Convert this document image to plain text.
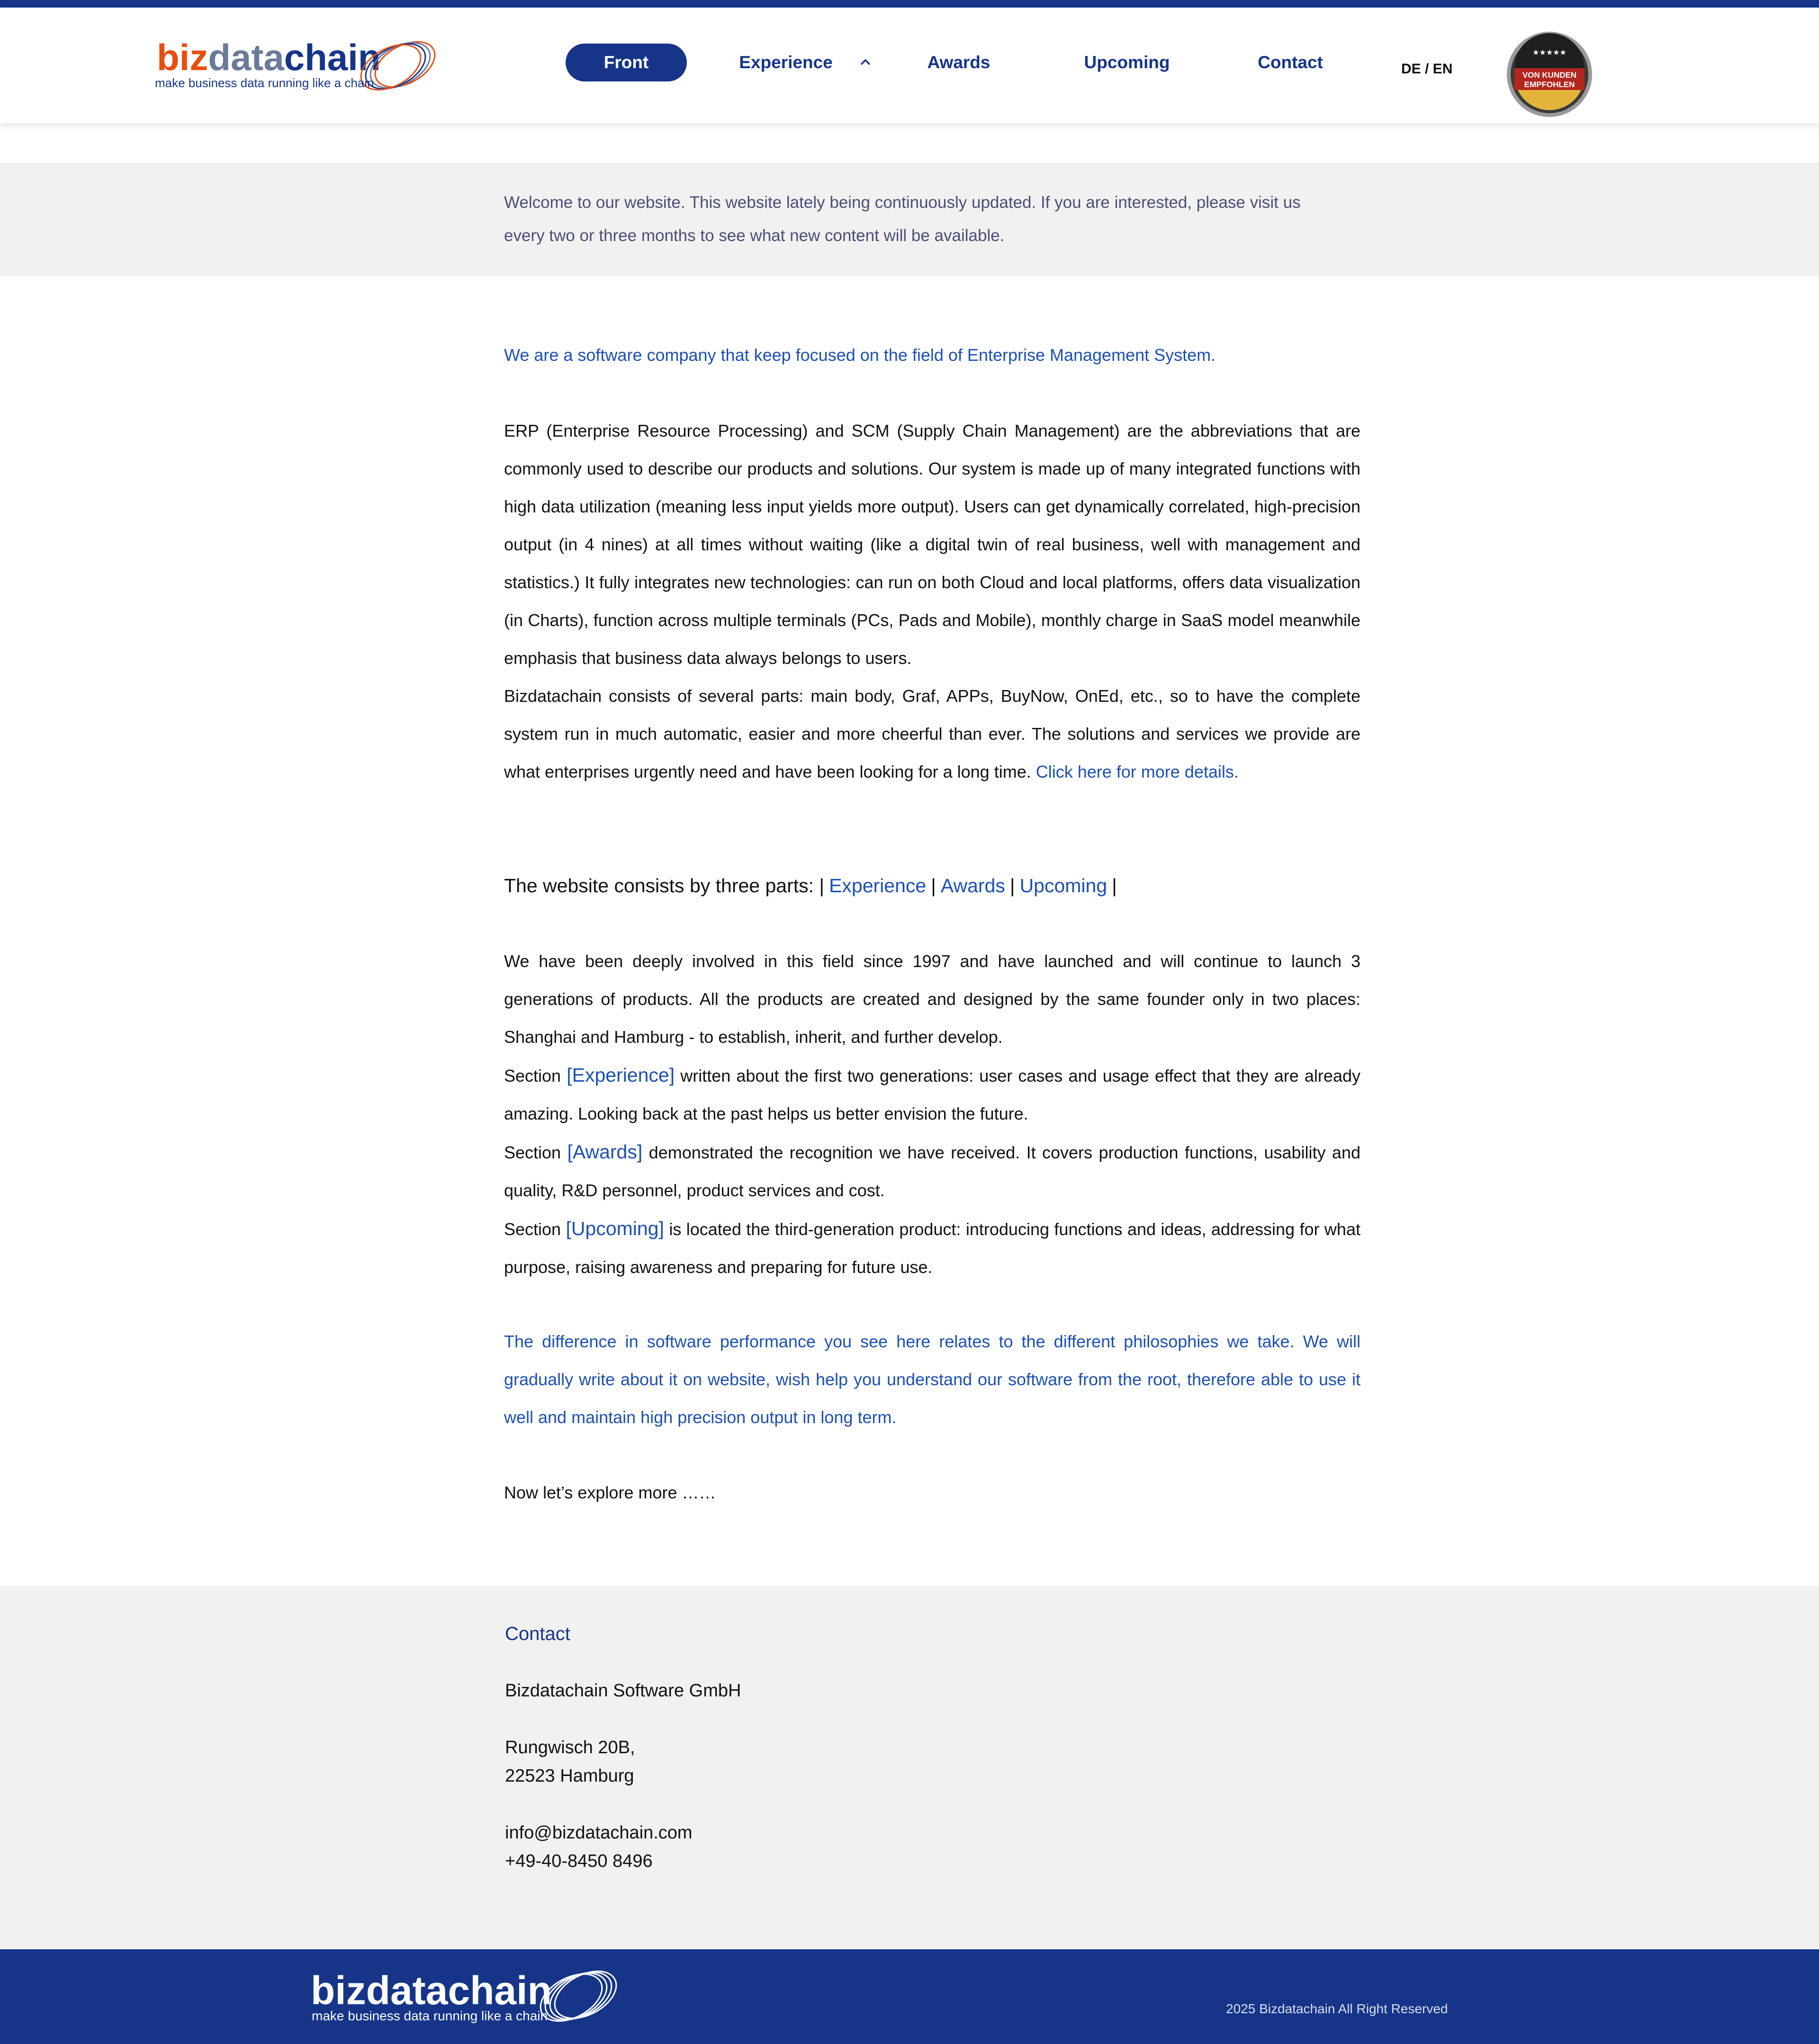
bizdatachain
make business data running like a chain
Front	Experience	Awards	Upcoming	Contact	DE / EN
★★★★★
VON KUNDEN
EMPFOHLEN

Welcome to our website. This website lately being continuously updated. If you are interested, please visit us every two or three months to see what new content will be available.

We are a software company that keep focused on the field of Enterprise Management System.

ERP (Enterprise Resource Processing) and SCM (Supply Chain Management) are the abbreviations that are commonly used to describe our products and solutions. Our system is made up of many integrated functions with high data utilization (meaning less input yields more output). Users can get dynamically correlated, high-precision output (in 4 nines) at all times without waiting (like a digital twin of real business, well with management and statistics.) It fully integrates new technologies: can run on both Cloud and local platforms, offers data visualization (in Charts), function across multiple terminals (PCs, Pads and Mobile), monthly charge in SaaS model meanwhile emphasis that business data always belongs to users.
Bizdatachain consists of several parts: main body, Graf, APPs, BuyNow, OnEd, etc., so to have the complete system run in much automatic, easier and more cheerful than ever. The solutions and services we provide are what enterprises urgently need and have been looking for a long time. Click here for more details.
The website consists by three parts: | Experience | Awards | Upcoming |
We have been deeply involved in this field since 1997 and have launched and will continue to launch 3 generations of products. All the products are created and designed by the same founder only in two places: Shanghai and Hamburg - to establish, inherit, and further develop.
Section [Experience] written about the first two generations: user cases and usage effect that they are already amazing. Looking back at the past helps us better envision the future.
Section [Awards] demonstrated the recognition we have received. It covers production functions, usability and quality, R&D personnel, product services and cost.
Section [Upcoming] is located the third-generation product: introducing functions and ideas, addressing for what purpose, raising awareness and preparing for future use.

The difference in software performance you see here relates to the different philosophies we take. We will gradually write about it on website, wish help you understand our software from the root, therefore able to use it well and maintain high precision output in long term.

Now let’s explore more ……

Contact
Bizdatachain Software GmbH
Rungwisch 20B,
22523 Hamburg
info@bizdatachain.com
+49-40-8450 8496
bizdatachain
make business data running like a chain	2025 Bizdatachain All Right Reserved
